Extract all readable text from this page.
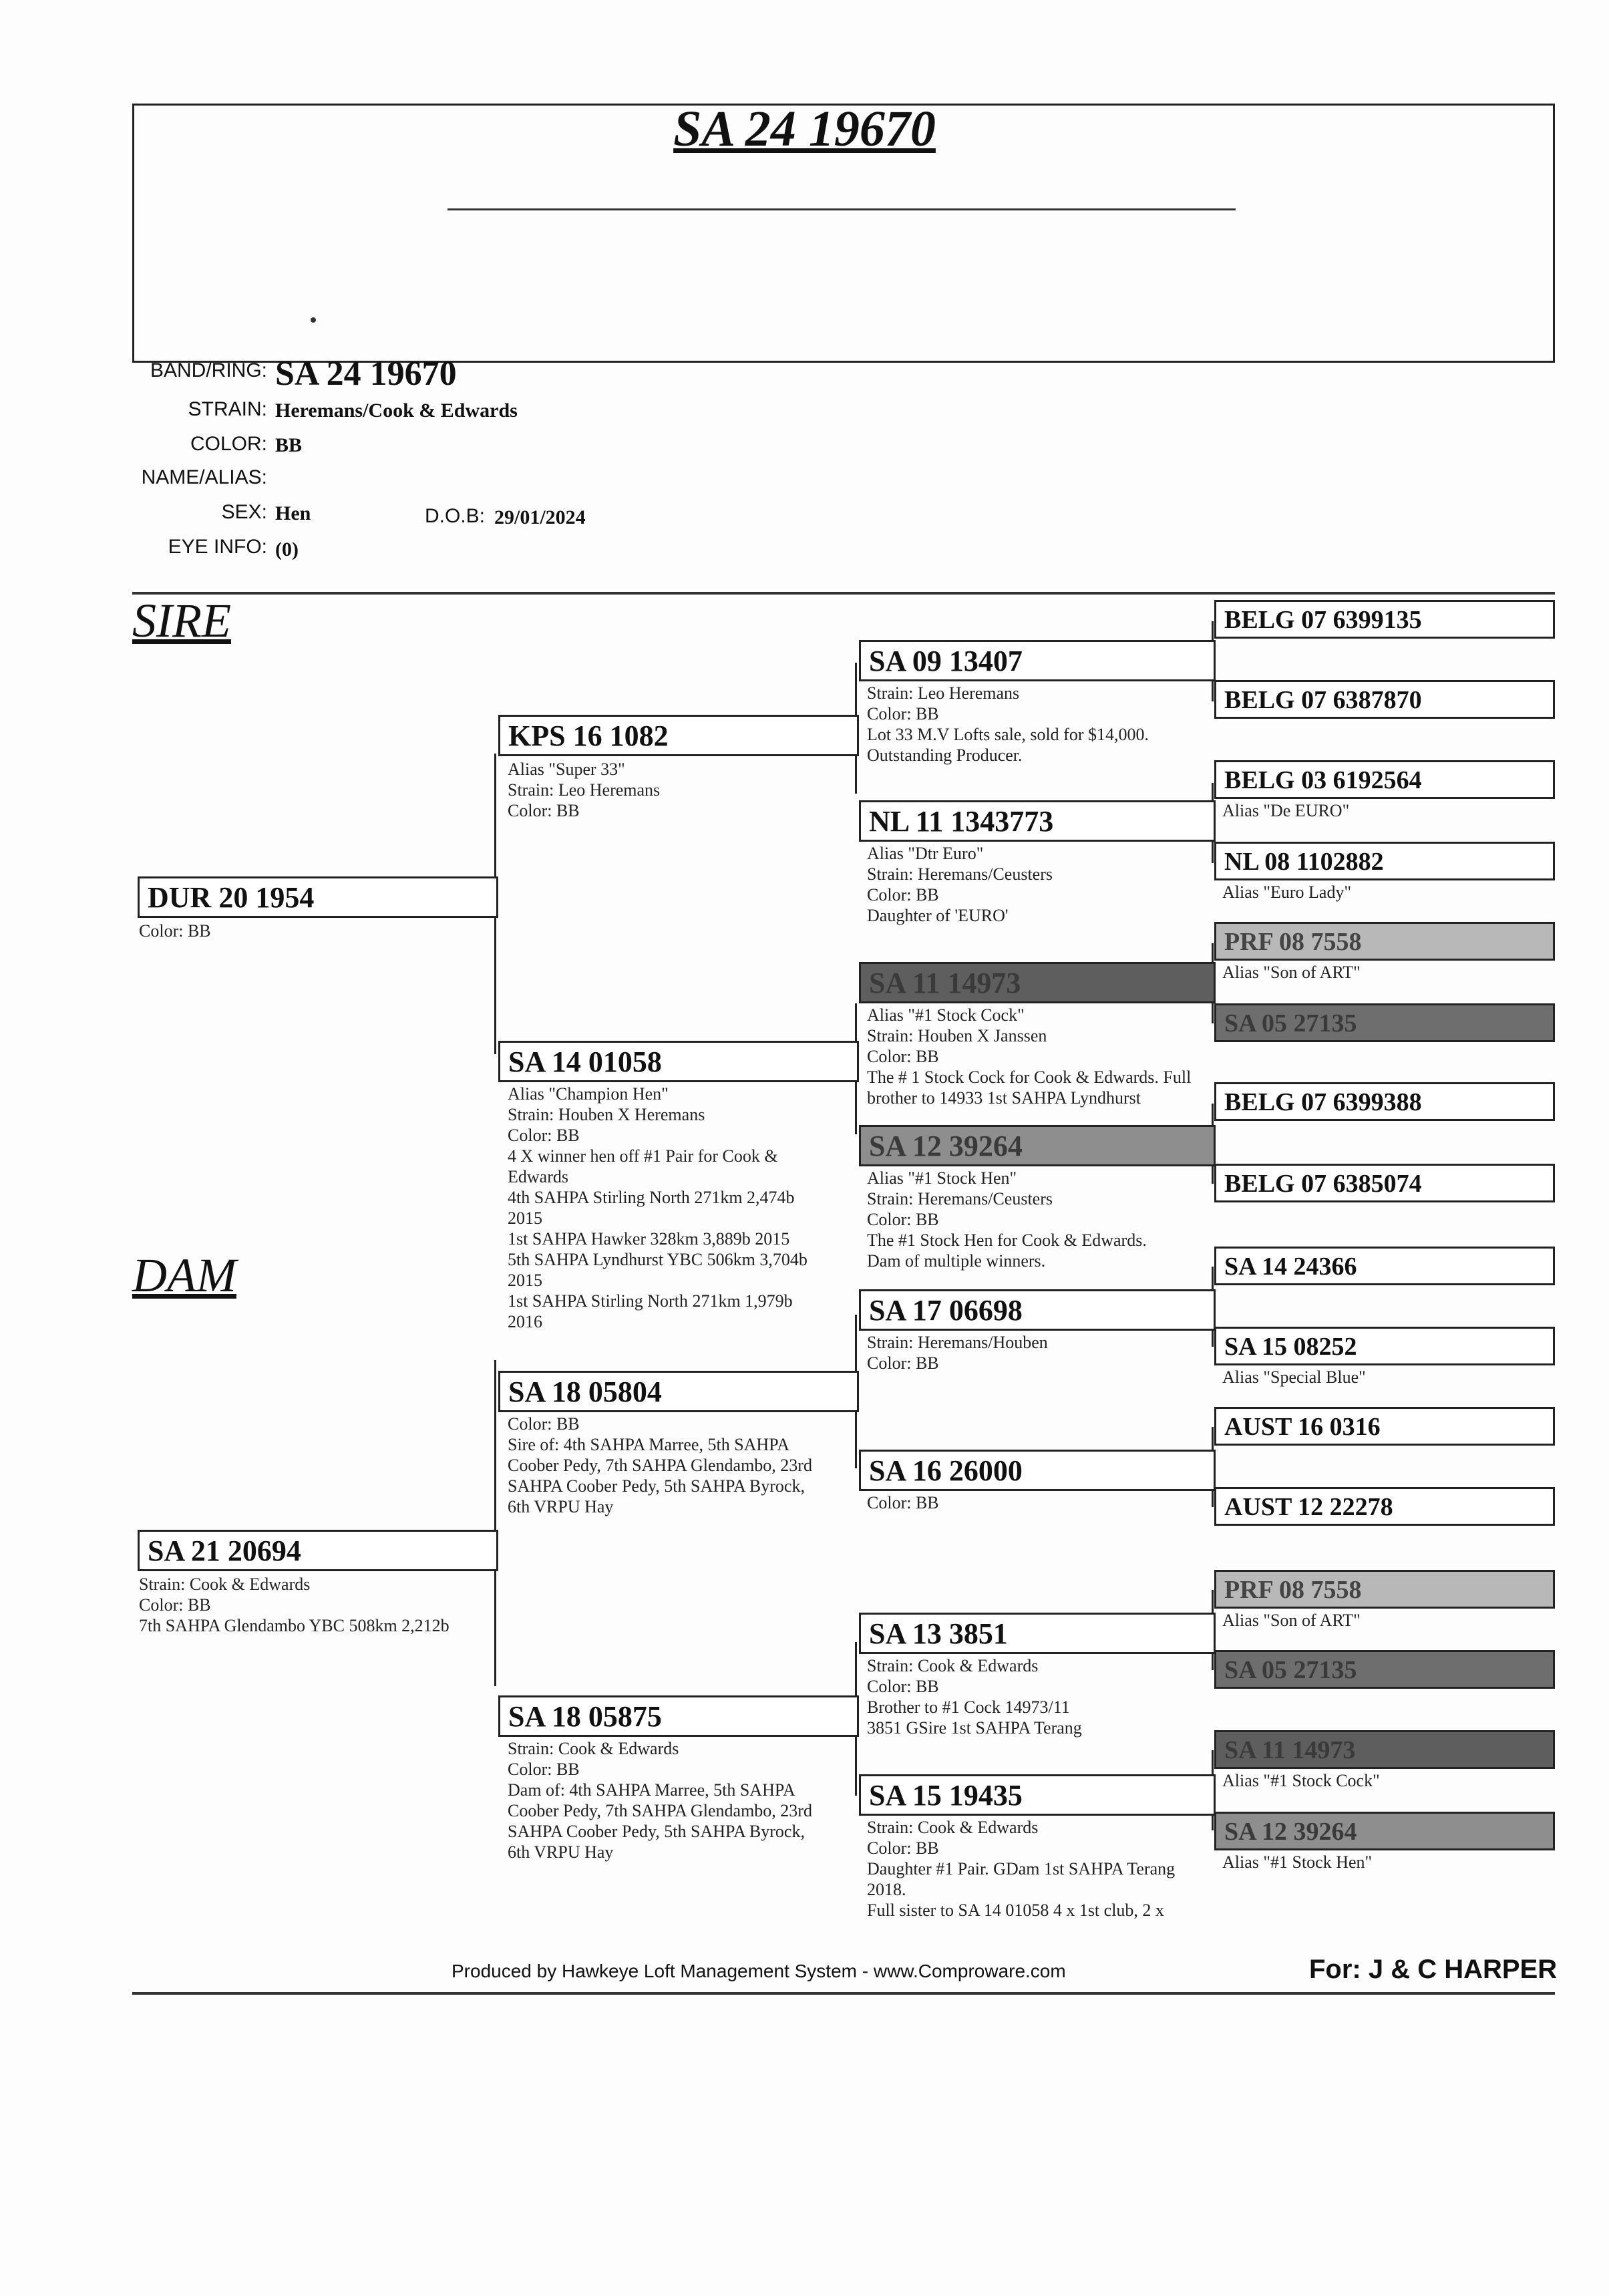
SA 24 19670
BAND/RING: SA 24 19670
STRAIN: Heremans/Cook & Edwards
COLOR: BB
NAME/ALIAS:
SEX: Hen	D.O.B: 29/01/2024
EYE INFO: (0)
SIRE
DAM
DUR 20 1954
Color: BB
SA 21 20694
Strain: Cook & Edwards
Color: BB
7th SAHPA Glendambo YBC 508km 2,212b
KPS 16 1082
Alias "Super 33"
Strain: Leo Heremans
Color: BB
SA 14 01058
Alias "Champion Hen"
Strain: Houben X Heremans
Color: BB
4 X winner hen off #1 Pair for Cook &
Edwards
4th SAHPA Stirling North 271km 2,474b
2015
1st SAHPA Hawker 328km 3,889b 2015
5th SAHPA Lyndhurst YBC 506km 3,704b
2015
1st SAHPA Stirling North 271km 1,979b
2016
SA 18 05804
Color: BB
Sire of: 4th SAHPA Marree, 5th SAHPA
Coober Pedy, 7th SAHPA Glendambo, 23rd
SAHPA Coober Pedy, 5th SAHPA Byrock,
6th VRPU Hay
SA 18 05875
Strain: Cook & Edwards
Color: BB
Dam of: 4th SAHPA Marree, 5th SAHPA
Coober Pedy, 7th SAHPA Glendambo, 23rd
SAHPA Coober Pedy, 5th SAHPA Byrock,
6th VRPU Hay
SA 09 13407
Strain: Leo Heremans
Color: BB
Lot 33 M.V Lofts sale, sold for $14,000.
Outstanding Producer.
NL 11 1343773
Alias "Dtr Euro"
Strain: Heremans/Ceusters
Color: BB
Daughter of 'EURO'
SA 11 14973
Alias "#1 Stock Cock"
Strain: Houben X Janssen
Color: BB
The # 1 Stock Cock for Cook & Edwards. Full
brother to 14933 1st SAHPA Lyndhurst
SA 12 39264
Alias "#1 Stock Hen"
Strain: Heremans/Ceusters
Color: BB
The #1 Stock Hen for Cook & Edwards.
Dam of multiple winners.
SA 17 06698
Strain: Heremans/Houben
Color: BB
SA 16 26000
Color: BB
SA 13 3851
Strain: Cook & Edwards
Color: BB
Brother to #1 Cock 14973/11
3851 GSire 1st SAHPA Terang
SA 15 19435
Strain: Cook & Edwards
Color: BB
Daughter #1 Pair. GDam 1st SAHPA Terang
2018.
Full sister to SA 14 01058 4 x 1st club, 2 x
BELG 07 6399135
BELG 07 6387870
BELG 03 6192564
Alias "De EURO"
NL 08 1102882
Alias "Euro Lady"
PRF 08 7558
Alias "Son of ART"
SA 05 27135
BELG 07 6399388
BELG 07 6385074
SA 14 24366
SA 15 08252
Alias "Special Blue"
AUST 16 0316
AUST 12 22278
PRF 08 7558
Alias "Son of ART"
SA 05 27135
SA 11 14973
Alias "#1 Stock Cock"
SA 12 39264
Alias "#1 Stock Hen"
Produced by Hawkeye Loft Management System - www.Comproware.com	For: J & C HARPER
